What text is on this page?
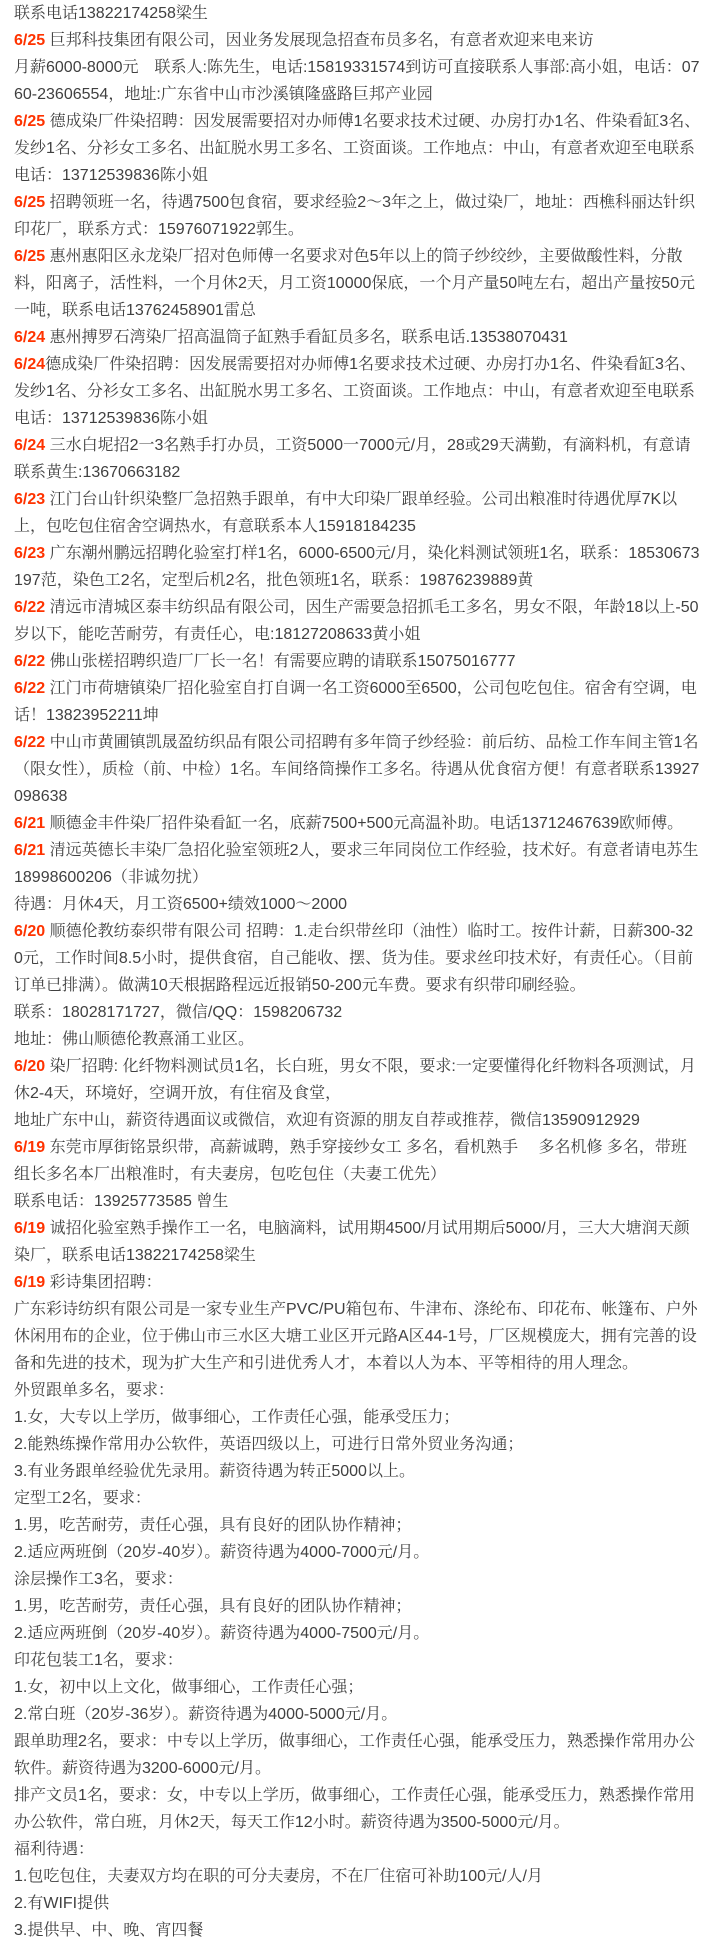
联系电话13822174258梁生

6/25 巨邦科技集团有限公司，因业务发展现急招查布员多名，有意者欢迎来电来访

月薪6000-8000元　联系人:陈先生，电话:15819331574到访可直接联系人事部:高小姐，电话：0760-23606554，地址:广东省中山市沙溪镇隆盛路巨邦产业园

6/25 德成染厂件染招聘：因发展需要招对办师傅1名要求技术过硬、办房打办1名、件染看缸3名、发纱1名、分衫女工多名、出缸脱水男工多名、工资面谈。工作地点：中山，有意者欢迎至电联系电话：13712539836陈小姐

6/25 招聘领班一名，待遇7500包食宿，要求经验2～3年之上，做过染厂，地址：西樵科丽达针织印花厂，联系方式：15976071922郭生。

6/25 惠州惠阳区永龙染厂招对色师傅一名要求对色5年以上的筒子纱绞纱，主要做酸性料，分散料，阳离子，活性料，一个月休2天，月工资10000保底，一个月产量50吨左右，超出产量按50元一吨，联系电话13762458901雷总

6/24 惠州搏罗石湾染厂招高温筒子缸熟手看缸员多名，联系电话.13538070431

6/24德成染厂件染招聘：因发展需要招对办师傅1名要求技术过硬、办房打办1名、件染看缸3名、发纱1名、分衫女工多名、出缸脱水男工多名、工资面谈。工作地点：中山，有意者欢迎至电联系电话：13712539836陈小姐

6/24 三水白坭招2一3名熟手打办员，工资5000一7000元/月，28或29天满勤，有滴料机，有意请联系黄生:13670663182

6/23 江门台山针织染整厂急招熟手跟单，有中大印染厂跟单经验。公司出粮准时待遇优厚7K以上，包吃包住宿舍空调热水，有意联系本人15918184235

6/23 广东潮州鹏远招聘化验室打样1名，6000-6500元/月，染化料测试领班1名，联系：18530673197范，染色工2名，定型后机2名，批色领班1名，联系：19876239889黄

6/22 清远市清城区泰丰纺织品有限公司，因生产需要急招抓毛工多名，男女不限，年龄18以上-50岁以下，能吃苦耐劳，有责任心，电:18127208633黄小姐

6/22 佛山张槎招聘织造厂厂长一名！有需要应聘的请联系15075016777

6/22 江门市荷塘镇染厂招化验室自打自调一名工资6000至6500，公司包吃包住。宿舍有空调，电话！13823952211坤

6/22 中山市黄圃镇凯晟盈纺织品有限公司招聘有多年筒子纱经验：前后纺、品检工作车间主管1名（限女性），质检（前、中检）1名。车间络筒操作工多名。待遇从优食宿方便！有意者联系13927098638

6/21 顺德金丰件染厂招件染看缸一名，底薪7500+500元高温补助。电话13712467639欧师傅。

6/21 清远英德长丰染厂急招化验室领班2人，要求三年同岗位工作经验，技术好。有意者请电苏生18998600206（非诚勿扰）

待遇：月休4天，月工资6500+绩效1000～2000

6/20 顺德伦教纺泰织带有限公司 招聘：1.走台织带丝印（油性）临时工。按件计薪，日薪300-320元，工作时间8.5小时，提供食宿，自己能收、摆、货为佳。要求丝印技术好，有责任心。（目前订单已排满）。做满10天根据路程远近报销50-200元车费。要求有织带印刷经验。

联系：18028171727，微信/QQ：1598206732

地址：佛山顺德伦教熹涌工业区。

6/20 染厂招聘: 化纤物料测试员1名，长白班，男女不限，要求:一定要懂得化纤物料各项测试，月休2-4天，环境好，空调开放，有住宿及食堂，

地址广东中山，薪资待遇面议或微信，欢迎有资源的朋友自荐或推荐，微信13590912929

6/19 东莞市厚街铭景织带，高薪诚聘，熟手穿接纱女工 多名，看机熟手　 多名机修 多名，带班组长多名本厂出粮准时，有夫妻房，包吃包住（夫妻工优先）

联系电话：13925773585 曾生

6/19 诚招化验室熟手操作工一名，电脑滴料，试用期4500/月试用期后5000/月，三大大塘润天颜染厂，联系电话13822174258梁生

6/19 彩诗集团招聘：

广东彩诗纺织有限公司是一家专业生产PVC/PU箱包布、牛津布、涤纶布、印花布、帐篷布、户外休闲用布的企业，位于佛山市三水区大塘工业区开元路A区44-1号，厂区规模庞大，拥有完善的设备和先进的技术，现为扩大生产和引进优秀人才，本着以人为本、平等相待的用人理念。

外贸跟单多名，要求：

1.女，大专以上学历，做事细心，工作责任心强，能承受压力；

2.能熟练操作常用办公软件，英语四级以上，可进行日常外贸业务沟通；

3.有业务跟单经验优先录用。薪资待遇为转正5000以上。

定型工2名，要求：

1.男，吃苦耐劳，责任心强，具有良好的团队协作精神；

2.适应两班倒（20岁-40岁）。薪资待遇为4000-7000元/月。

涂层操作工3名，要求：

1.男，吃苦耐劳，责任心强，具有良好的团队协作精神；

2.适应两班倒（20岁-40岁）。薪资待遇为4000-7500元/月。

印花包装工1名，要求：

1.女，初中以上文化，做事细心，工作责任心强；

2.常白班（20岁-36岁）。薪资待遇为4000-5000元/月。

跟单助理2名，要求：中专以上学历，做事细心，工作责任心强，能承受压力，熟悉操作常用办公软件。薪资待遇为3200-6000元/月。

排产文员1名，要求：女，中专以上学历，做事细心，工作责任心强，能承受压力，熟悉操作常用办公软件，常白班，月休2天，每天工作12小时。薪资待遇为3500-5000元/月。

福利待遇：

1.包吃包住，夫妻双方均在职的可分夫妻房，不在厂住宿可补助100元/人/月

2.有WIFI提供

3.提供早、中、晚、宵四餐
